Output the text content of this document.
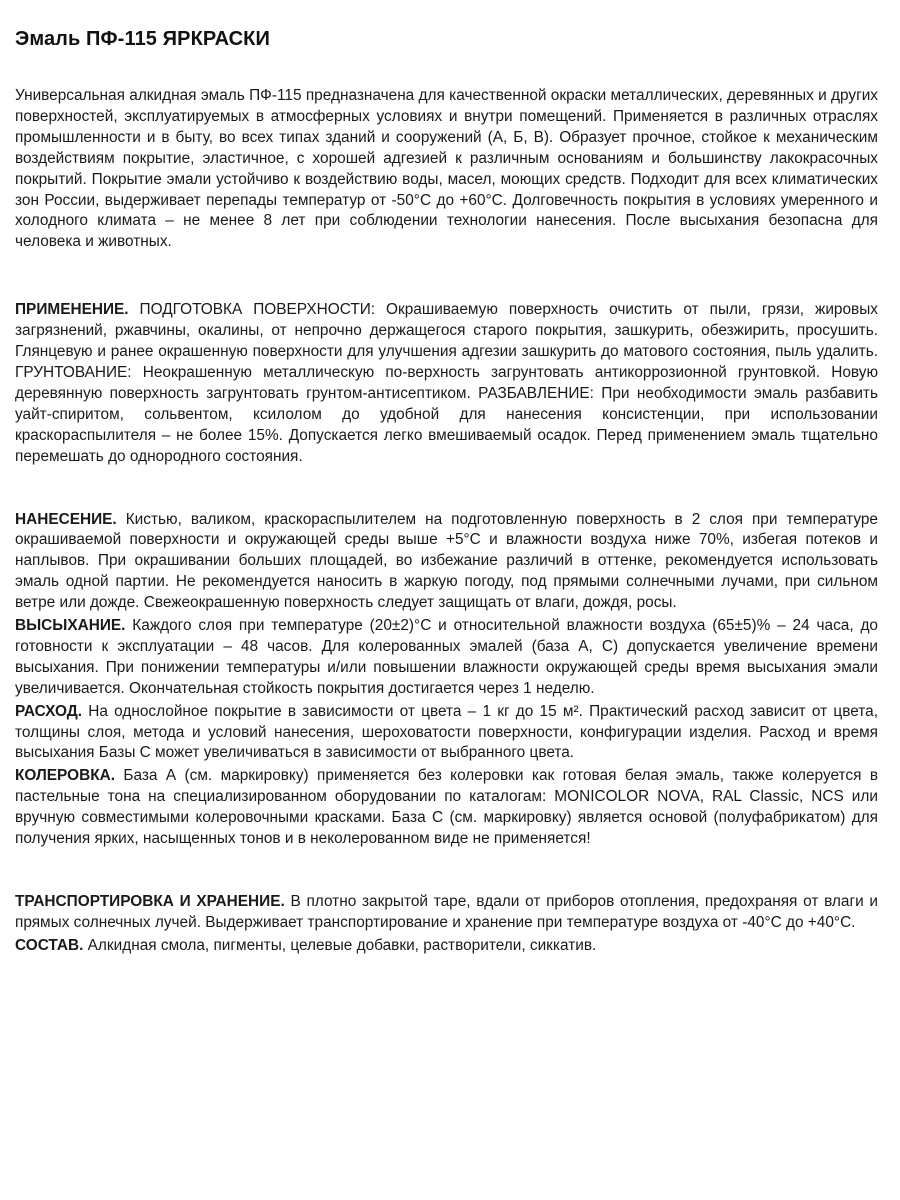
Эмаль ПФ-115 ЯРКРАСКИ

Универсальная алкидная эмаль ПФ-115 предназначена для качественной окраски металлических, деревянных и других поверхностей, эксплуатируемых в атмосферных условиях и внутри помещений. Применяется в различных отраслях промышленности и в быту, во всех типах зданий и сооружений (А, Б, В). Образует прочное, стойкое к механическим воздействиям покрытие, эластичное, с хорошей адгезией к различным основаниям и большинству лакокрасочных покрытий. Покрытие эмали устойчиво к воздействию воды, масел, моющих средств. Подходит для всех климатических зон России, выдерживает перепады температур от -50°С до +60°С. Долговечность покрытия в условиях умеренного и холодного климата – не менее 8 лет при соблюдении технологии нанесения. После высыхания безопасна для человека и животных.

ПРИМЕНЕНИЕ. ПОДГОТОВКА ПОВЕРХНОСТИ: Окрашиваемую поверхность очистить от пыли, грязи, жировых загрязнений, ржавчины, окалины, от непрочно держащегося старого покрытия, зашкурить, обезжирить, просушить. Глянцевую и ранее окрашенную поверхности для улучшения адгезии зашкурить до матового состояния, пыль удалить. ГРУНТОВАНИЕ: Неокрашенную металлическую по-верхность загрунтовать антикоррозионной грунтовкой. Новую деревянную поверхность загрунтовать грунтом-антисептиком. РАЗБАВЛЕНИЕ: При необходимости эмаль разбавить уайт-спиритом, сольвентом, ксилолом до удобной для нанесения консистенции, при использовании краскораспылителя – не более 15%. Допускается легко вмешиваемый осадок. Перед применением эмаль тщательно перемешать до однородного состояния.

НАНЕСЕНИЕ. Кистью, валиком, краскораспылителем на подготовленную поверхность в 2 слоя при температуре окрашиваемой поверхности и окружающей среды выше +5°С и влажности воздуха ниже 70%, избегая потеков и наплывов. При окрашивании больших площадей, во избежание различий в оттенке, рекомендуется использовать эмаль одной партии. Не рекомендуется наносить в жаркую погоду, под прямыми солнечными лучами, при сильном ветре или дожде. Свежеокрашенную поверхность следует защищать от влаги, дождя, росы.

ВЫСЫХАНИЕ. Каждого слоя при температуре (20±2)°С и относительной влажности воздуха (65±5)% – 24 часа, до готовности к эксплуатации – 48 часов. Для колерованных эмалей (база А, С) допускается увеличение времени высыхания. При понижении температуры и/или повышении влажности окружающей среды время высыхания эмали увеличивается. Окончательная стойкость покрытия достигается через 1 неделю.

РАСХОД. На однослойное покрытие в зависимости от цвета – 1 кг до 15 м². Практический расход зависит от цвета, толщины слоя, метода и условий нанесения, шероховатости поверхности, конфигурации изделия. Расход и время высыхания Базы С может увеличиваться в зависимости от выбранного цвета.

КОЛЕРОВКА. База А (см. маркировку) применяется без колеровки как готовая белая эмаль, также колеруется в пастельные тона на специализированном оборудовании по каталогам: MONICOLOR NOVA, RAL Classic, NCS или вручную совместимыми колеровочными красками. База С (см. маркировку) является основой (полуфабрикатом) для получения ярких, насыщенных тонов и в неколерованном виде не применяется!

ТРАНСПОРТИРОВКА И ХРАНЕНИЕ. В плотно закрытой таре, вдали от приборов отопления, предохраняя от влаги и прямых солнечных лучей. Выдерживает транспортирование и хранение при температуре воздуха от -40°С до +40°С.

СОСТАВ. Алкидная смола, пигменты, целевые добавки, растворители, сиккатив.
